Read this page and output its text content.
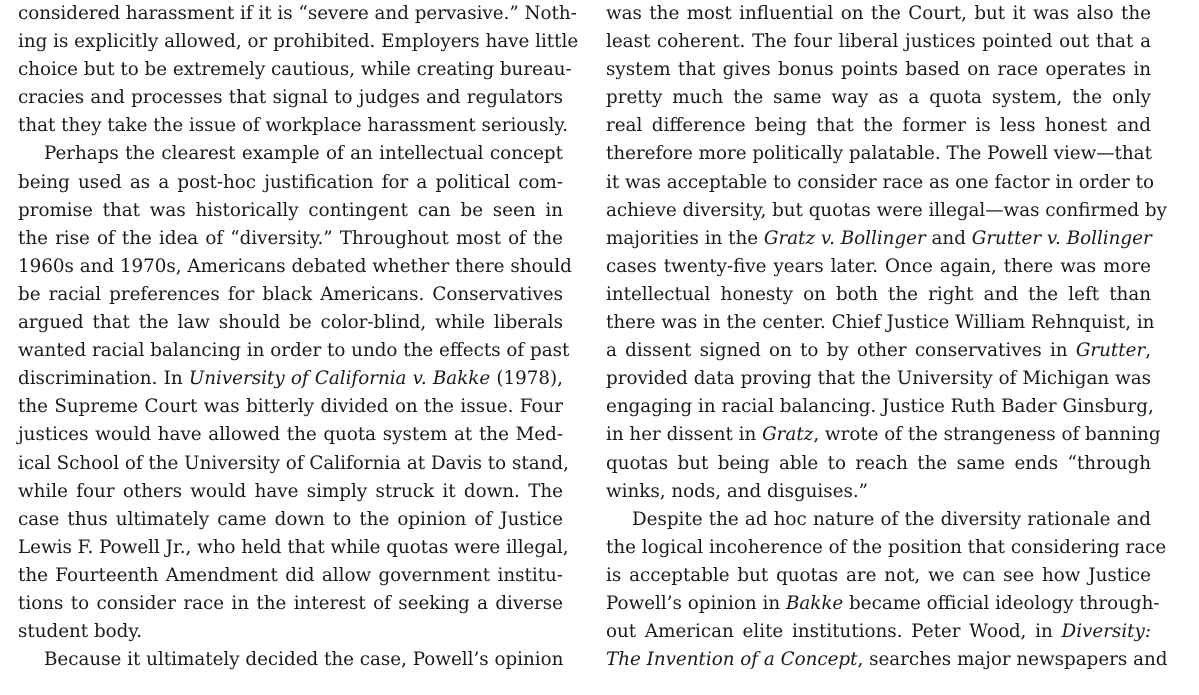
considered harassment if it is “severe and pervasive.” Noth-
ing is explicitly allowed, or prohibited. Employers have little
choice but to be extremely cautious, while creating bureau-
cracies and processes that signal to judges and regulators
that they take the issue of workplace harassment seriously.
Perhaps the clearest example of an intellectual concept
being used as a post-hoc justification for a political com-
promise that was historically contingent can be seen in
the rise of the idea of “diversity.” Throughout most of the
1960s and 1970s, Americans debated whether there should
be racial preferences for black Americans. Conservatives
argued that the law should be color-blind, while liberals
wanted racial balancing in order to undo the effects of past
discrimination. In University of California v. Bakke (1978),
the Supreme Court was bitterly divided on the issue. Four
justices would have allowed the quota system at the Med-
ical School of the University of California at Davis to stand,
while four others would have simply struck it down. The
case thus ultimately came down to the opinion of Justice
Lewis F. Powell Jr., who held that while quotas were illegal,
the Fourteenth Amendment did allow government institu-
tions to consider race in the interest of seeking a diverse
student body.
Because it ultimately decided the case, Powell’s opinion
was the most influential on the Court, but it was also the
least coherent. The four liberal justices pointed out that a
system that gives bonus points based on race operates in
pretty much the same way as a quota system, the only
real difference being that the former is less honest and
therefore more politically palatable. The Powell view—that
it was acceptable to consider race as one factor in order to
achieve diversity, but quotas were illegal—was confirmed by
majorities in the Gratz v. Bollinger and Grutter v. Bollinger
cases twenty-five years later. Once again, there was more
intellectual honesty on both the right and the left than
there was in the center. Chief Justice William Rehnquist, in
a dissent signed on to by other conservatives in Grutter,
provided data proving that the University of Michigan was
engaging in racial balancing. Justice Ruth Bader Ginsburg,
in her dissent in Gratz, wrote of the strangeness of banning
quotas but being able to reach the same ends “through
winks, nods, and disguises.”
Despite the ad hoc nature of the diversity rationale and
the logical incoherence of the position that considering race
is acceptable but quotas are not, we can see how Justice
Powell’s opinion in Bakke became official ideology through-
out American elite institutions. Peter Wood, in Diversity:
The Invention of a Concept, searches major newspapers and
